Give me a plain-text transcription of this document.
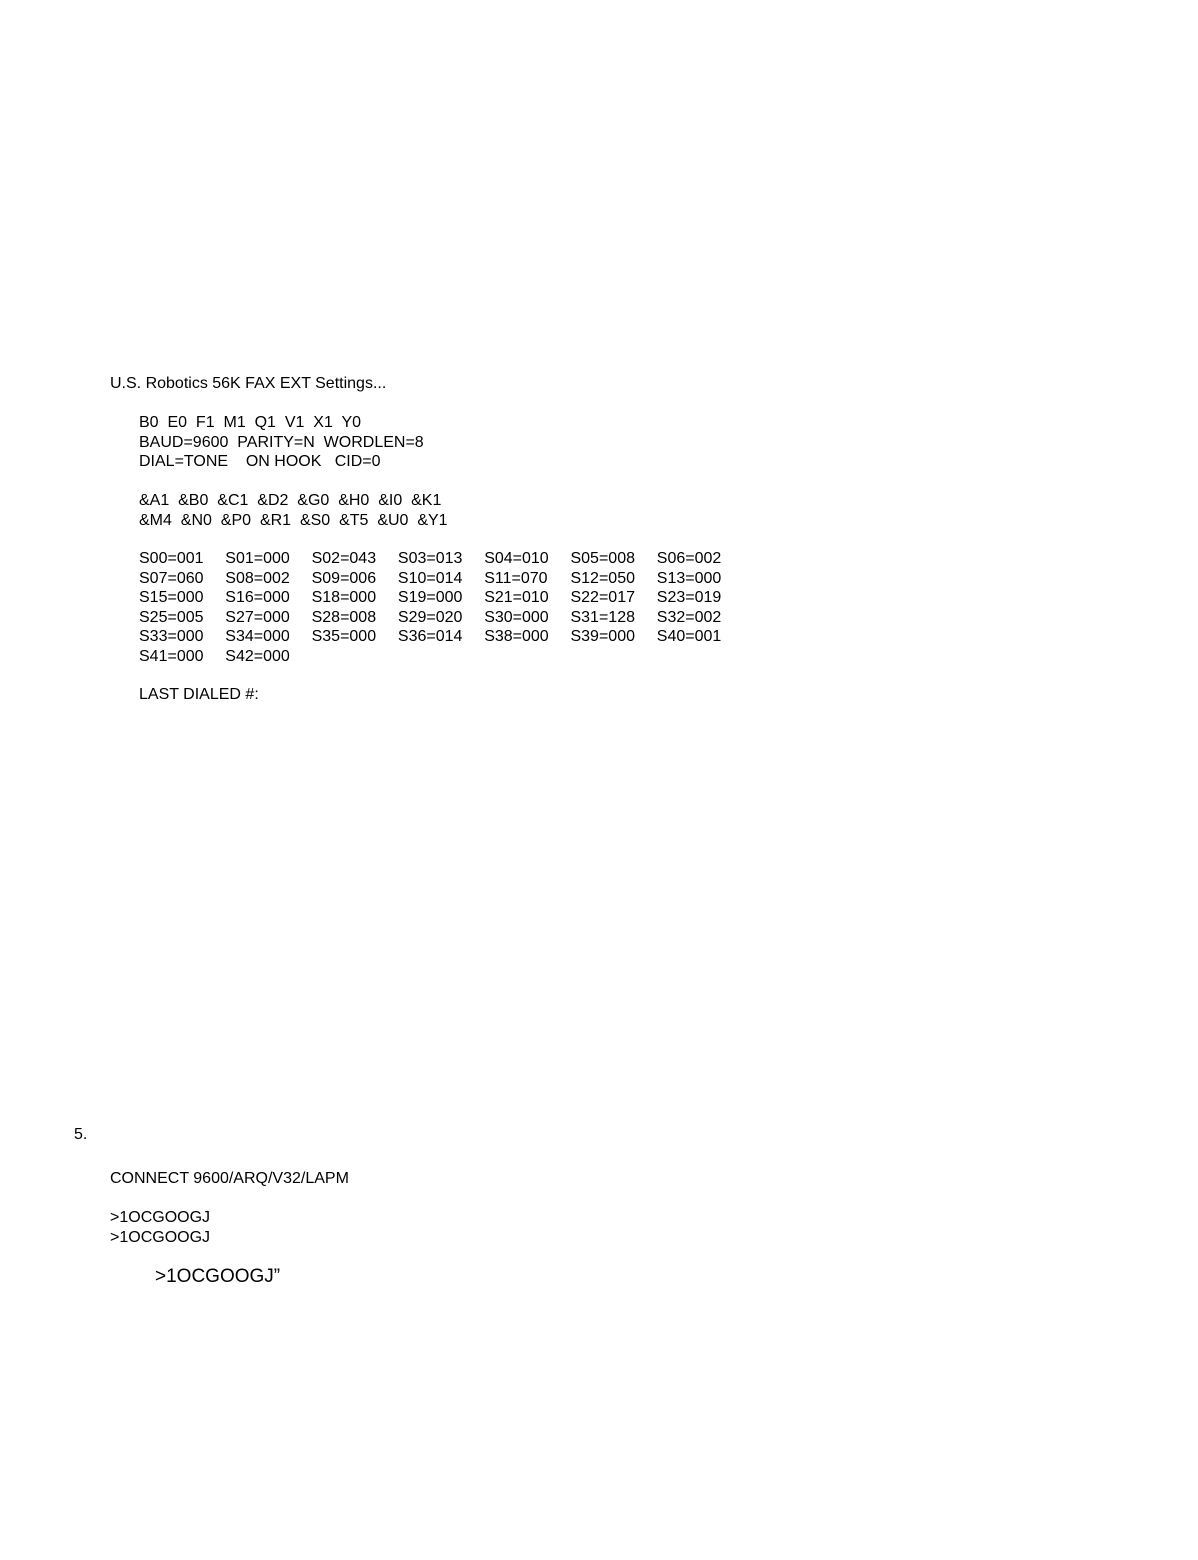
U.S. Robotics 56K FAX EXT Settings...
B0  E0  F1  M1  Q1  V1  X1  Y0
BAUD=9600  PARITY=N  WORDLEN=8
DIAL=TONE    ON HOOK   CID=0
&A1  &B0  &C1  &D2  &G0  &H0  &I0  &K1
&M4  &N0  &P0  &R1  &S0  &T5  &U0  &Y1
S00=001	S01=000	S02=043	S03=013	S04=010	S05=008	S06=002
S07=060	S08=002	S09=006	S10=014	S11=070	S12=050	S13=000
S15=000	S16=000	S18=000	S19=000	S21=010	S22=017	S23=019
S25=005	S27=000	S28=008	S29=020	S30=000	S31=128	S32=002
S33=000	S34=000	S35=000	S36=014	S38=000	S39=000	S40=001
S41=000	S42=000
LAST DIALED #:
5.
CONNECT 9600/ARQ/V32/LAPM
>1OCGOOGJ
>1OCGOOGJ
>1OCGOOGJ”
